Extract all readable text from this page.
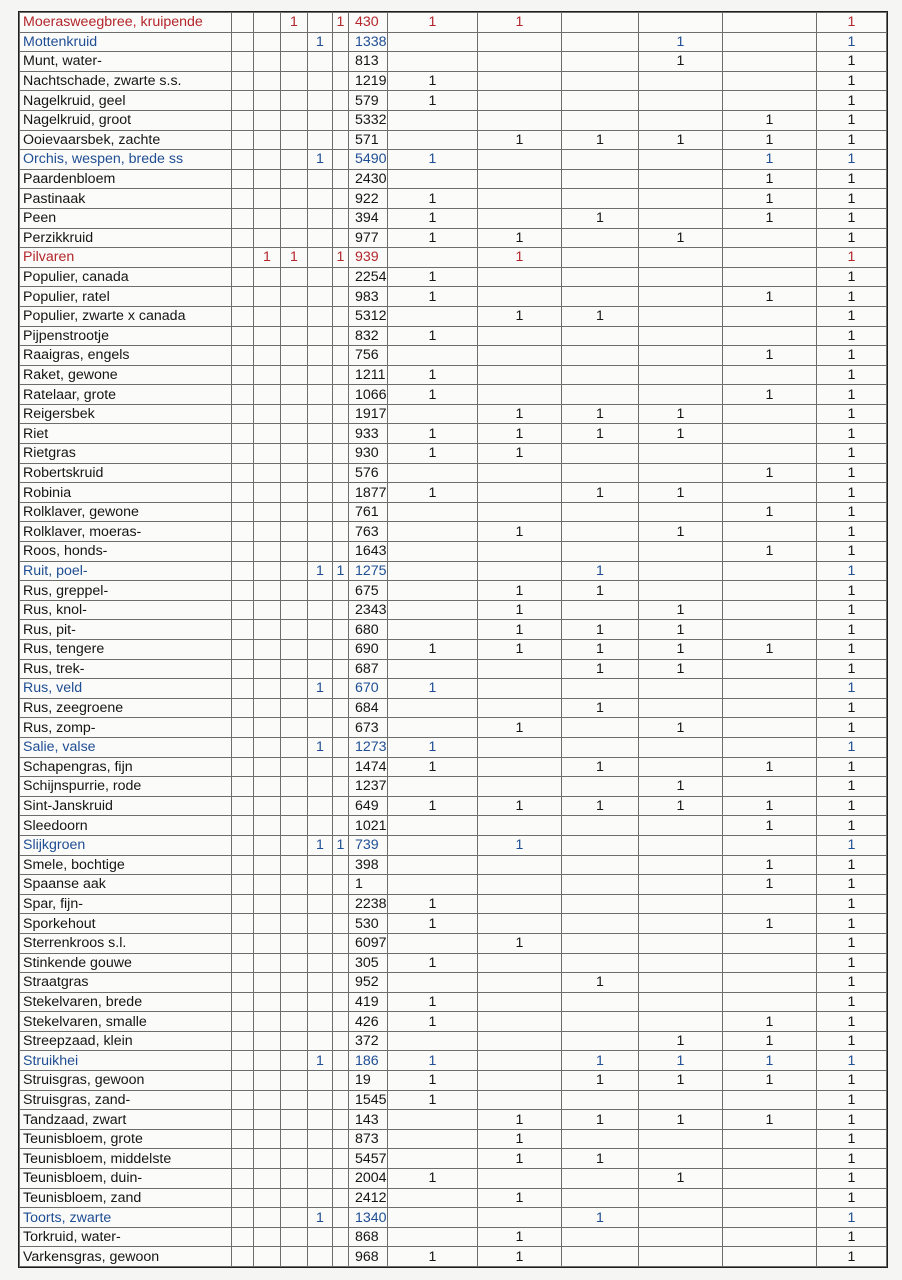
Moerasweegbree, kruipende			1		1	430	1	1				1
Mottenkruid				1		1338				1		1
Munt, water-						813				1		1
Nachtschade, zwarte s.s.						1219	1					1
Nagelkruid, geel						579	1					1
Nagelkruid, groot						5332					1	1
Ooievaarsbek, zachte						571		1	1	1	1	1
Orchis, wespen, brede ss				1		5490	1				1	1
Paardenbloem						2430					1	1
Pastinaak						922	1				1	1
Peen						394	1		1		1	1
Perzikkruid						977	1	1		1		1
Pilvaren		1	1		1	939		1				1
Populier, canada						2254	1					1
Populier, ratel						983	1				1	1
Populier, zwarte x canada						5312		1	1			1
Pijpenstrootje						832	1					1
Raaigras, engels						756					1	1
Raket, gewone						1211	1					1
Ratelaar, grote						1066	1				1	1
Reigersbek						1917		1	1	1		1
Riet						933	1	1	1	1		1
Rietgras						930	1	1				1
Robertskruid						576					1	1
Robinia						1877	1		1	1		1
Rolklaver, gewone						761					1	1
Rolklaver, moeras-						763		1		1		1
Roos, honds-						1643					1	1
Ruit, poel-				1	1	1275			1			1
Rus, greppel-						675		1	1			1
Rus, knol-						2343		1		1		1
Rus, pit-						680		1	1	1		1
Rus, tengere						690	1	1	1	1	1	1
Rus, trek-						687			1	1		1
Rus, veld				1		670	1					1
Rus, zeegroene						684			1			1
Rus, zomp-						673		1		1		1
Salie, valse				1		1273	1					1
Schapengras, fijn						1474	1		1		1	1
Schijnspurrie, rode						1237				1		1
Sint-Janskruid						649	1	1	1	1	1	1
Sleedoorn						1021					1	1
Slijkgroen				1	1	739		1				1
Smele, bochtige						398					1	1
Spaanse aak						1					1	1
Spar, fijn-						2238	1					1
Sporkehout						530	1				1	1
Sterrenkroos s.l.						6097		1				1
Stinkende gouwe						305	1					1
Straatgras						952			1			1
Stekelvaren, brede						419	1					1
Stekelvaren, smalle						426	1				1	1
Streepzaad, klein						372				1	1	1
Struikhei				1		186	1		1	1	1	1
Struisgras, gewoon						19	1		1	1	1	1
Struisgras, zand-						1545	1					1
Tandzaad, zwart						143		1	1	1	1	1
Teunisbloem, grote						873		1				1
Teunisbloem, middelste						5457		1	1			1
Teunisbloem, duin-						2004	1			1		1
Teunisbloem, zand						2412		1				1
Toorts, zwarte				1		1340			1			1
Torkruid, water-						868		1				1
Varkensgras, gewoon						968	1	1				1
